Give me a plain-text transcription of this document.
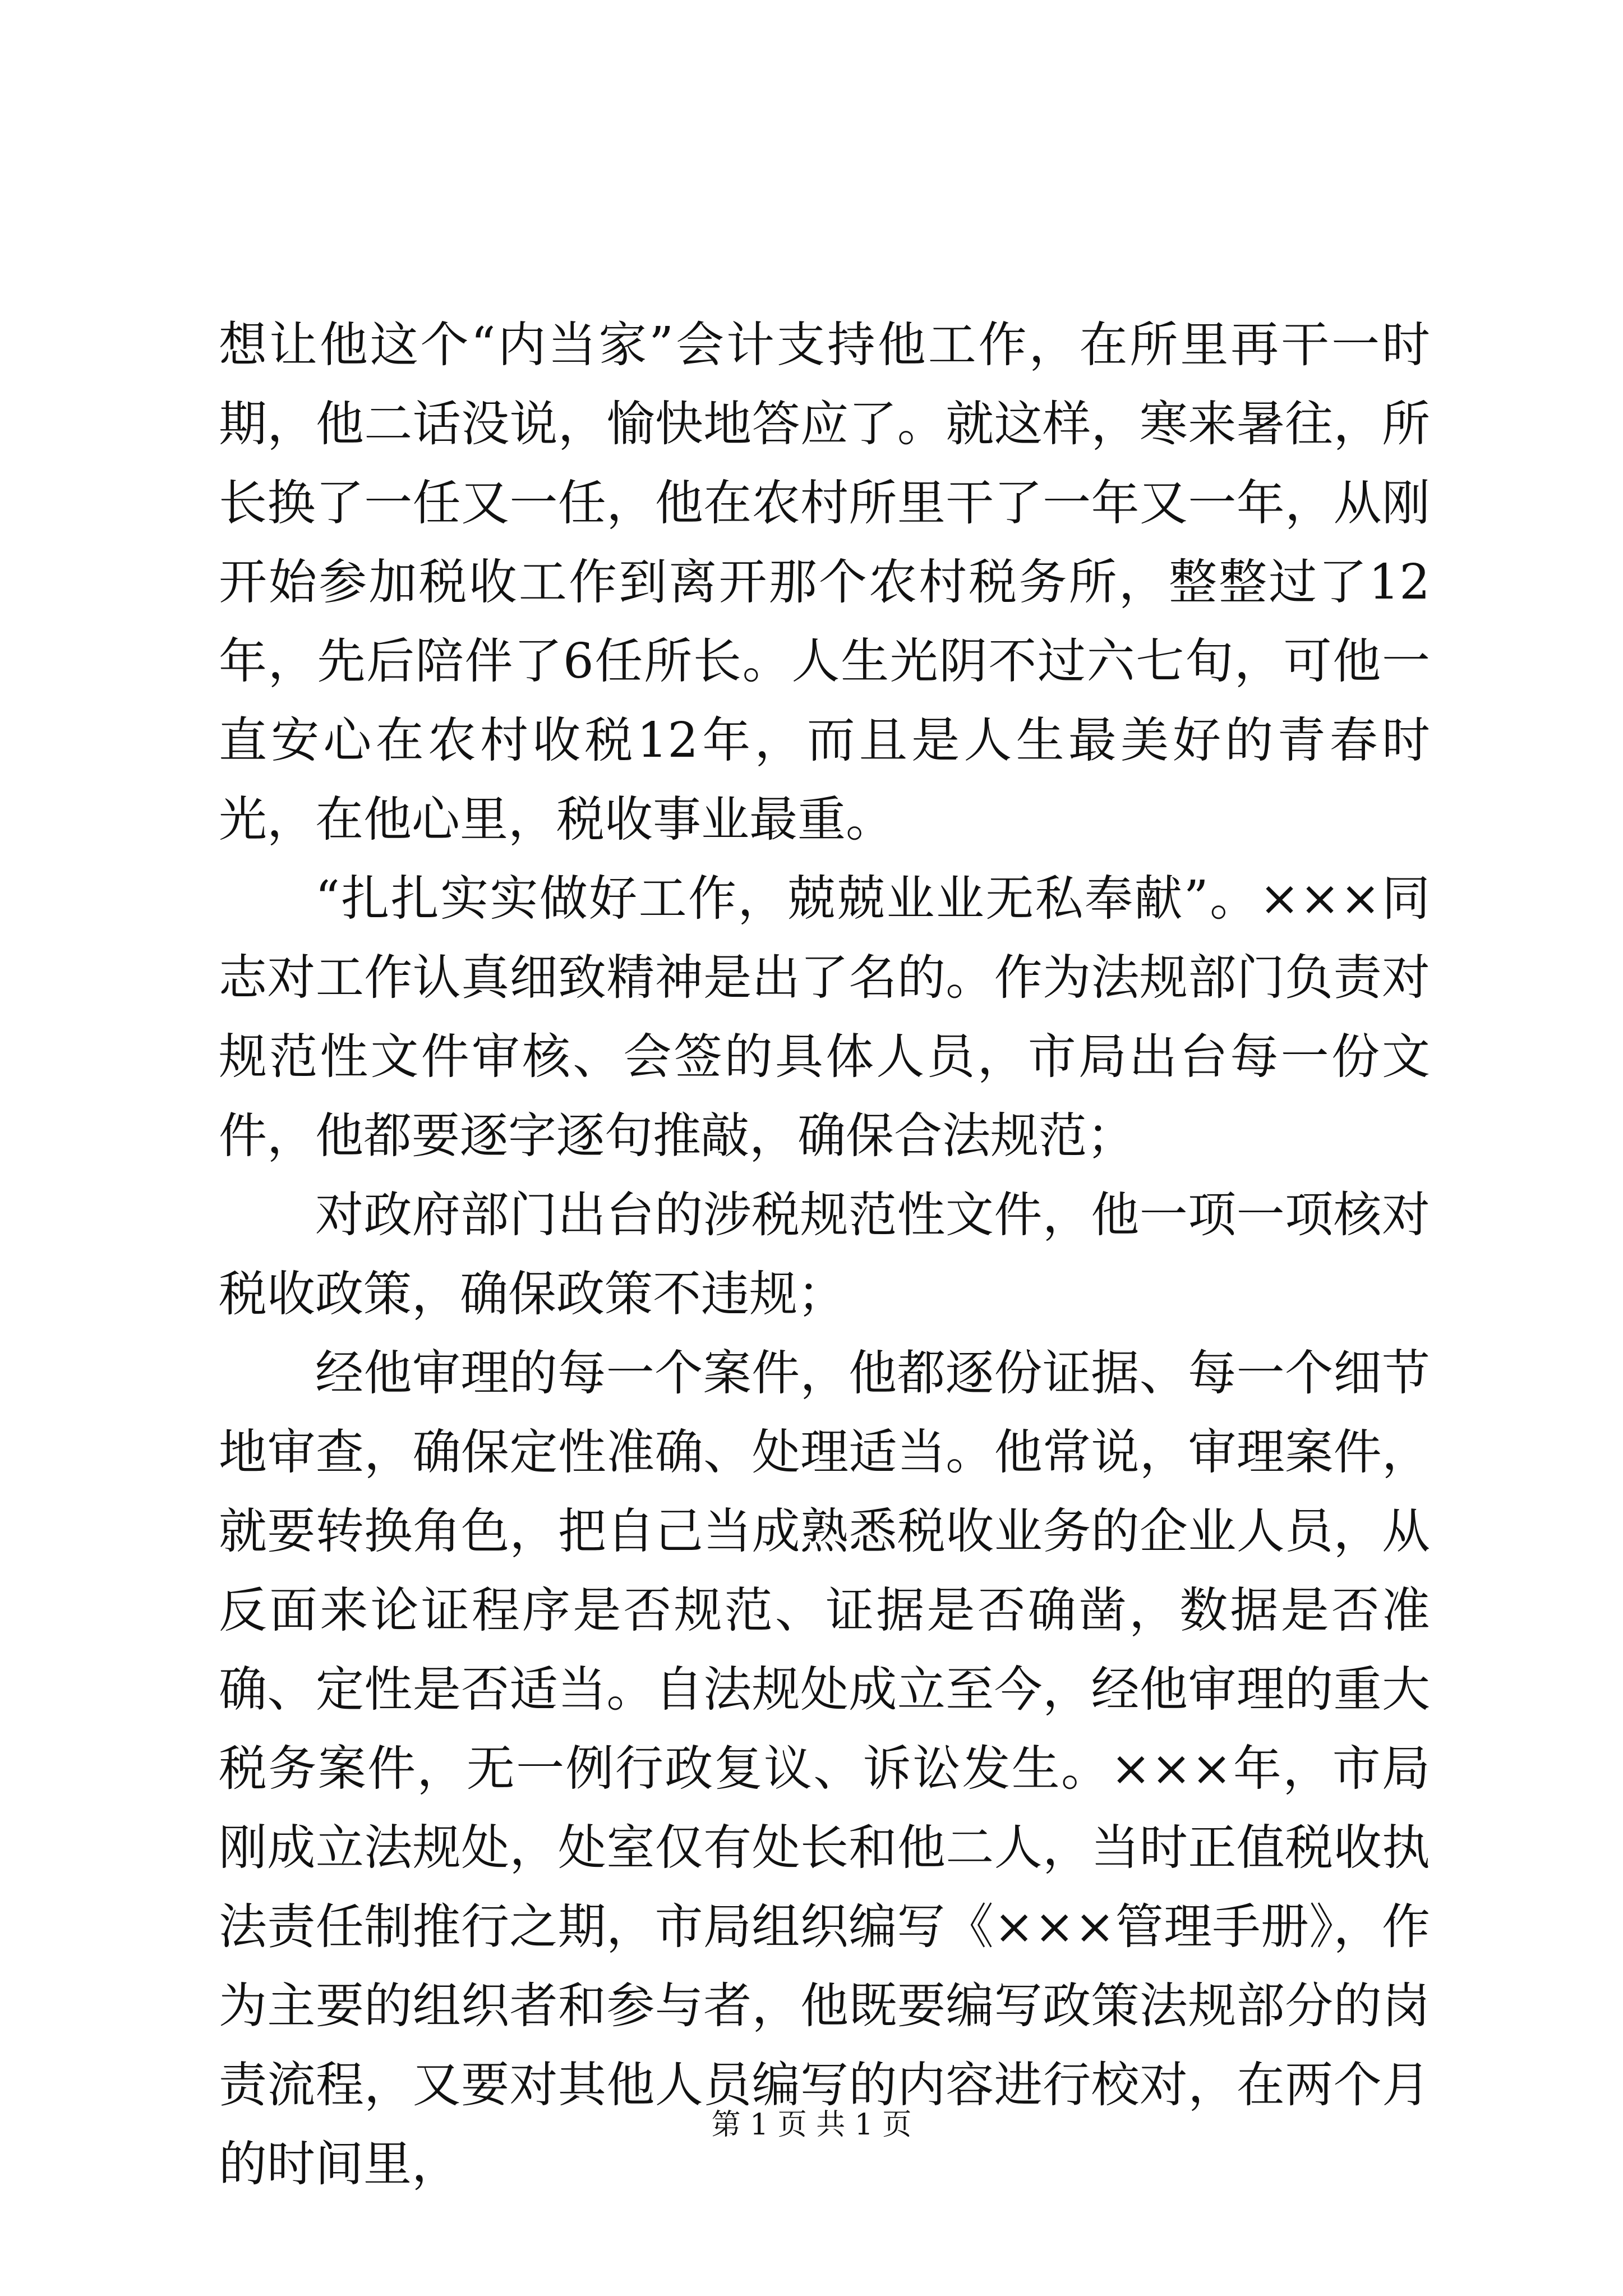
想让他这个“内当家”会计支持他工作，在所里再干一时期，他二话没说，愉快地答应了。就这样，寒来暑往，所长换了一任又一任，他在农村所里干了一年又一年，从刚开始参加税收工作到离开那个农村税务所，整整过了12年，先后陪伴了6任所长。人生光阴不过六七旬，可他一直安心在农村收税12年，而且是人生最美好的青春时光，在他心里，税收事业最重。

“扎扎实实做好工作，兢兢业业无私奉献”。×××同志对工作认真细致精神是出了名的。作为法规部门负责对规范性文件审核、会签的具体人员，市局出台每一份文件，他都要逐字逐句推敲，确保合法规范；

对政府部门出台的涉税规范性文件，他一项一项核对税收政策，确保政策不违规；

经他审理的每一个案件，他都逐份证据、每一个细节地审查，确保定性准确、处理适当。他常说，审理案件，就要转换角色，把自己当成熟悉税收业务的企业人员，从反面来论证程序是否规范、证据是否确凿，数据是否准确、定性是否适当。自法规处成立至今，经他审理的重大税务案件，无一例行政复议、诉讼发生。×××年，市局刚成立法规处，处室仅有处长和他二人，当时正值税收执法责任制推行之期，市局组织编写《×××管理手册》，作为主要的组织者和参与者，他既要编写政策法规部分的岗责流程，又要对其他人员编写的内容进行校对，在两个月的时间里，

第 1 页 共 1 页
